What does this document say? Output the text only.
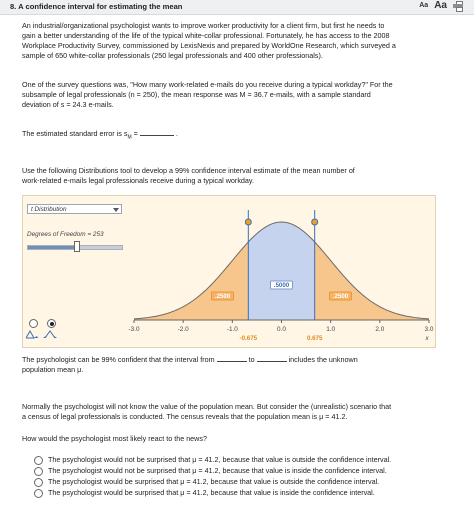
8. A confidence interval for estimating the mean	Aa Aa
An industrial/organizational psychologist wants to improve worker productivity for a client firm, but first he needs to
gain a better understanding of the life of the typical white-collar professional. Fortunately, he has access to the 2008
Workplace Productivity Survey, commissioned by LexisNexis and prepared by WorldOne Research, which surveyed a
sample of 650 white-collar professionals (250 legal professionals and 400 other professionals).
One of the survey questions was, "How many work-related e-mails do you receive during a typical workday?" For the
subsample of legal professionals (n = 250), the mean response was M = 36.7 e-mails, with a sample standard
deviation of s = 24.3 e-mails.
The estimated standard error is $s_M$ =	.
Use the following Distributions tool to develop a 99% confidence interval estimate of the mean number of
work-related e-mails legal professionals receive during a typical workday.
t Distribution
Degrees of Freedom = 253
-3.0	-2.0	-1.0	0.0	1.0	2.0	3.0
x
-0.675	0.675
.2500
.5000
.2500
The psychologist can be 99% confident that the interval from	to	includes the unknown
population mean μ.
Normally the psychologist will not know the value of the population mean. But consider the (unrealistic) scenario that
a census of legal professionals is conducted. The census reveals that the population mean is μ = 41.2.
How would the psychologist most likely react to the news?
The psychologist would not be surprised that μ = 41.2, because that value is outside the confidence interval.
The psychologist would not be surprised that μ = 41.2, because that value is inside the confidence interval.
The psychologist would be surprised that μ = 41.2, because that value is outside the confidence interval.
The psychologist would be surprised that μ = 41.2, because that value is inside the confidence interval.
